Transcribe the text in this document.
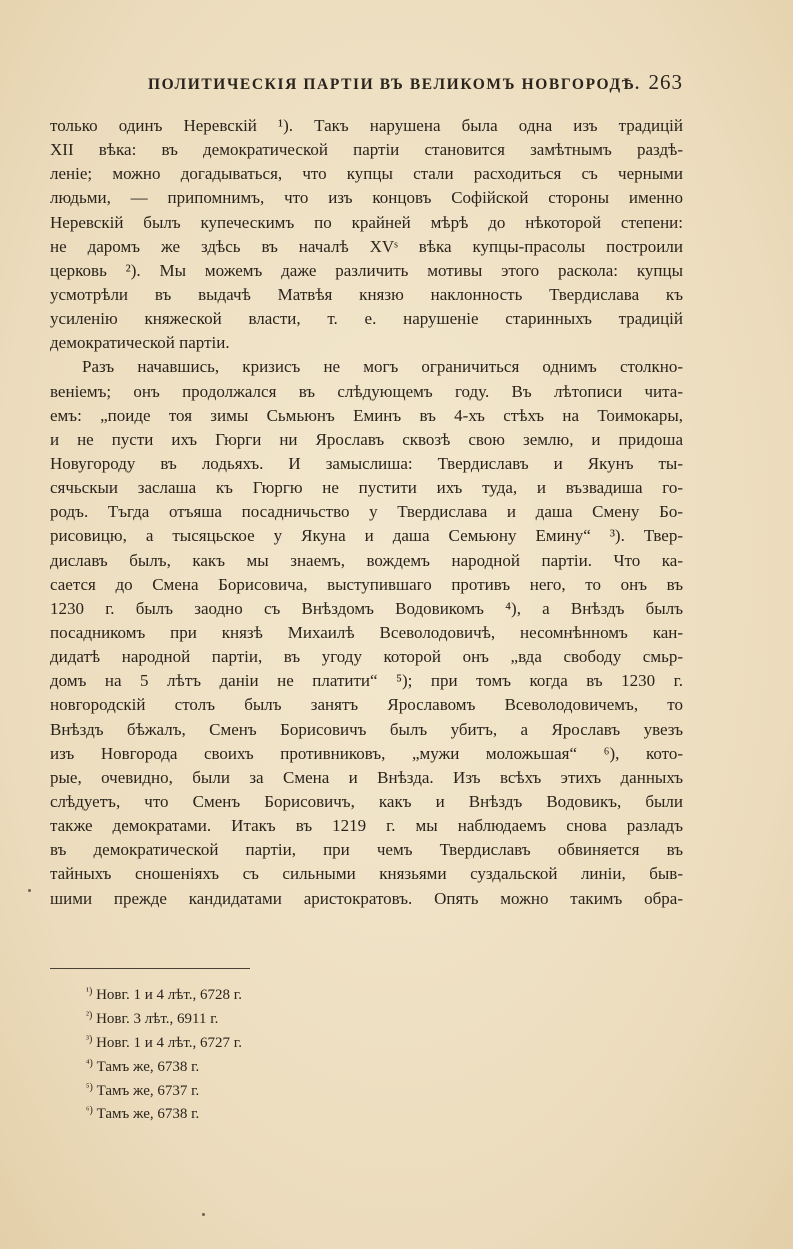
ПОЛИТИЧЕСКІЯ ПАРТІИ ВЪ ВЕЛИКОМЪ НОВГОРОДѢ. 263
только одинъ Неревскій ¹). Такъ нарушена была одна изъ традицій
XII вѣка: въ демократической партіи становится замѣтнымъ раздѣ-
леніе; можно догадываться, что купцы стали расходиться съ черными
людьми, — припомнимъ, что изъ концовъ Софійской стороны именно
Неревскій былъ купеческимъ по крайней мѣрѣ до нѣкоторой степени:
не даромъ же здѣсь въ началѣ XVˢ вѣка купцы-прасолы построили
церковь ²). Мы можемъ даже различить мотивы этого раскола: купцы
усмотрѣли въ выдачѣ Матвѣя князю наклонность Твердислава къ
усиленію княжеской власти, т. е. нарушеніе старинныхъ традицій
демократической партіи.
Разъ начавшись, кризисъ не могъ ограничиться однимъ столкно-
веніемъ; онъ продолжался въ слѣдующемъ году. Въ лѣтописи чита-
емъ: „поиде тоя зимы Сьмьюнъ Еминъ въ 4-хъ стѣхъ на Тоимокары,
и не пусти ихъ Гюрги ни Ярославъ сквозѣ свою землю, и придоша
Новугороду въ лодьяхъ. И замыслиша: Твердиславъ и Якунъ ты-
сячьскыи заслаша къ Гюргю не пустити ихъ туда, и възвадиша го-
родъ. Тъгда отъяша посадничьство у Твердислава и даша Смену Бо-
рисовицю, а тысяцьское у Якуна и даша Семьюну Емину“ ³). Твер-
диславъ былъ, какъ мы знаемъ, вождемъ народной партіи. Что ка-
сается до Смена Борисовича, выступившаго противъ него, то онъ въ
1230 г. былъ заодно съ Внѣздомъ Водовикомъ ⁴), а Внѣздъ былъ
посадникомъ при князѣ Михаилѣ Всеволодовичѣ, несомнѣнномъ кан-
дидатѣ народной партіи, въ угоду которой онъ „вда свободу смьр-
домъ на 5 лѣтъ даніи не платити“ ⁵); при томъ когда въ 1230 г.
новгородскій столъ былъ занятъ Ярославомъ Всеволодовичемъ, то
Внѣздъ бѣжалъ, Сменъ Борисовичъ былъ убитъ, а Ярославъ увезъ
изъ Новгорода своихъ противниковъ, „мужи моложьшая“ ⁶), кото-
рые, очевидно, были за Смена и Внѣзда. Изъ всѣхъ этихъ данныхъ
слѣдуетъ, что Сменъ Борисовичъ, какъ и Внѣздъ Водовикъ, были
также демократами. Итакъ въ 1219 г. мы наблюдаемъ снова разладъ
въ демократической партіи, при чемъ Твердиславъ обвиняется въ
тайныхъ сношеніяхъ съ сильными князьями суздальской линіи, быв-
шими прежде кандидатами аристократовъ. Опять можно такимъ обра-
$^{^1)}$ Новг. 1 и 4 лѣт., 6728 г.
$^{^2)}$ Новг. 3 лѣт., 6911 г.
$^{^3)}$ Новг. 1 и 4 лѣт., 6727 г.
$^{^4)}$ Тамъ же, 6738 г.
$^{^5)}$ Тамъ же, 6737 г.
$^{^6)}$ Тамъ же, 6738 г.
